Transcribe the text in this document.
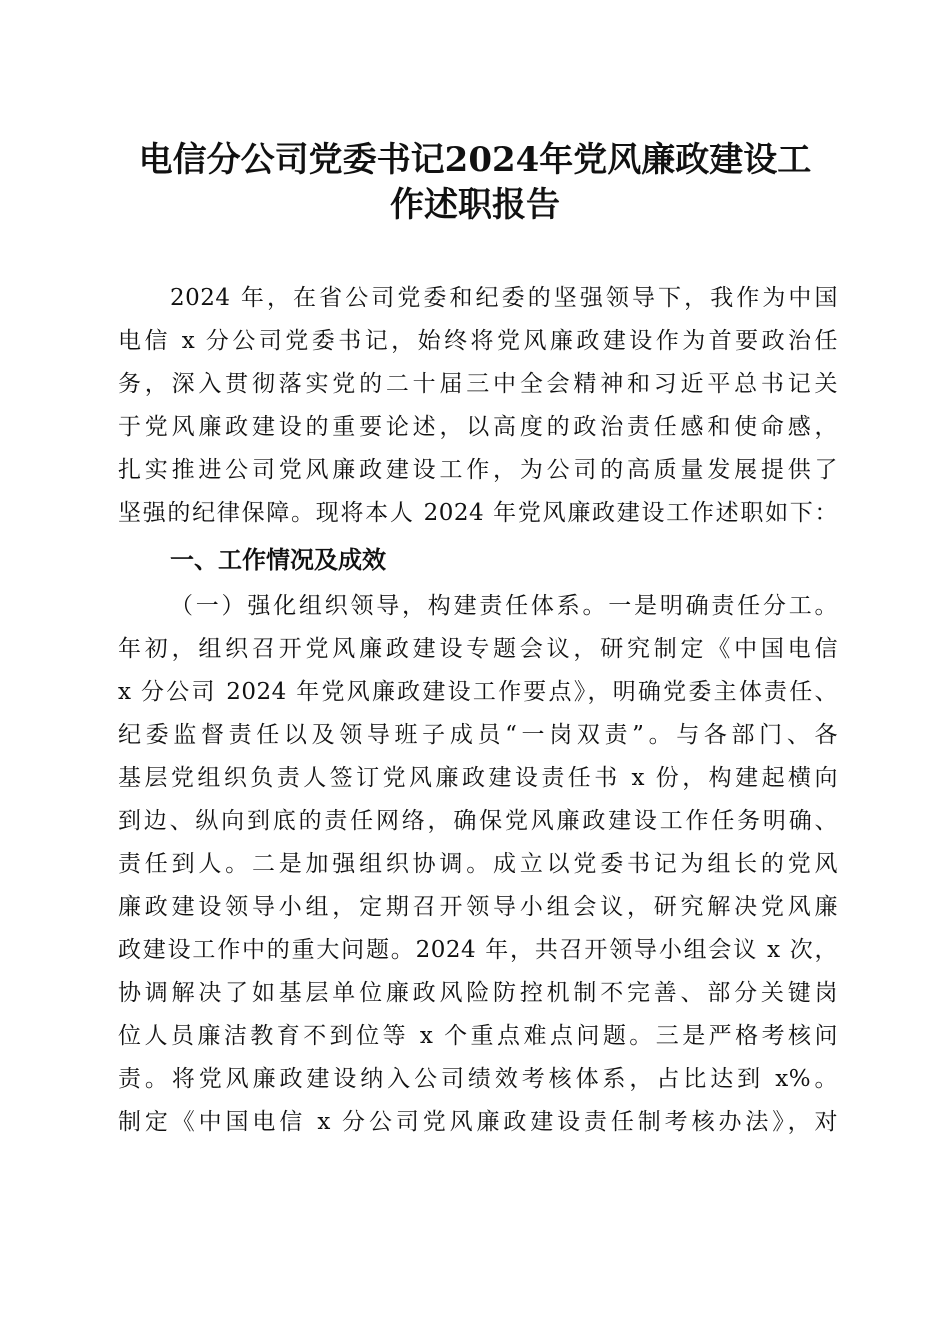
电信分公司党委书记2024年党风廉政建设工
作述职报告
2024 年，在省公司党委和纪委的坚强领导下，我作为中国
电信 x 分公司党委书记，始终将党风廉政建设作为首要政治任
务，深入贯彻落实党的二十届三中全会精神和习近平总书记关
于党风廉政建设的重要论述，以高度的政治责任感和使命感，
扎实推进公司党风廉政建设工作，为公司的高质量发展提供了
坚强的纪律保障。现将本人 2024 年党风廉政建设工作述职如下：
一、工作情况及成效
（一）强化组织领导，构建责任体系。一是明确责任分工。
年初，组织召开党风廉政建设专题会议，研究制定《中国电信
x 分公司 2024 年党风廉政建设工作要点》，明确党委主体责任、
纪委监督责任以及领导班子成员“一岗双责”。与各部门、各
基层党组织负责人签订党风廉政建设责任书 x 份，构建起横向
到边、纵向到底的责任网络，确保党风廉政建设工作任务明确、
责任到人。二是加强组织协调。成立以党委书记为组长的党风
廉政建设领导小组，定期召开领导小组会议，研究解决党风廉
政建设工作中的重大问题。2024 年，共召开领导小组会议 x 次，
协调解决了如基层单位廉政风险防控机制不完善、部分关键岗
位人员廉洁教育不到位等 x 个重点难点问题。三是严格考核问
责。将党风廉政建设纳入公司绩效考核体系，占比达到 x%。
制定《中国电信 x 分公司党风廉政建设责任制考核办法》，对
